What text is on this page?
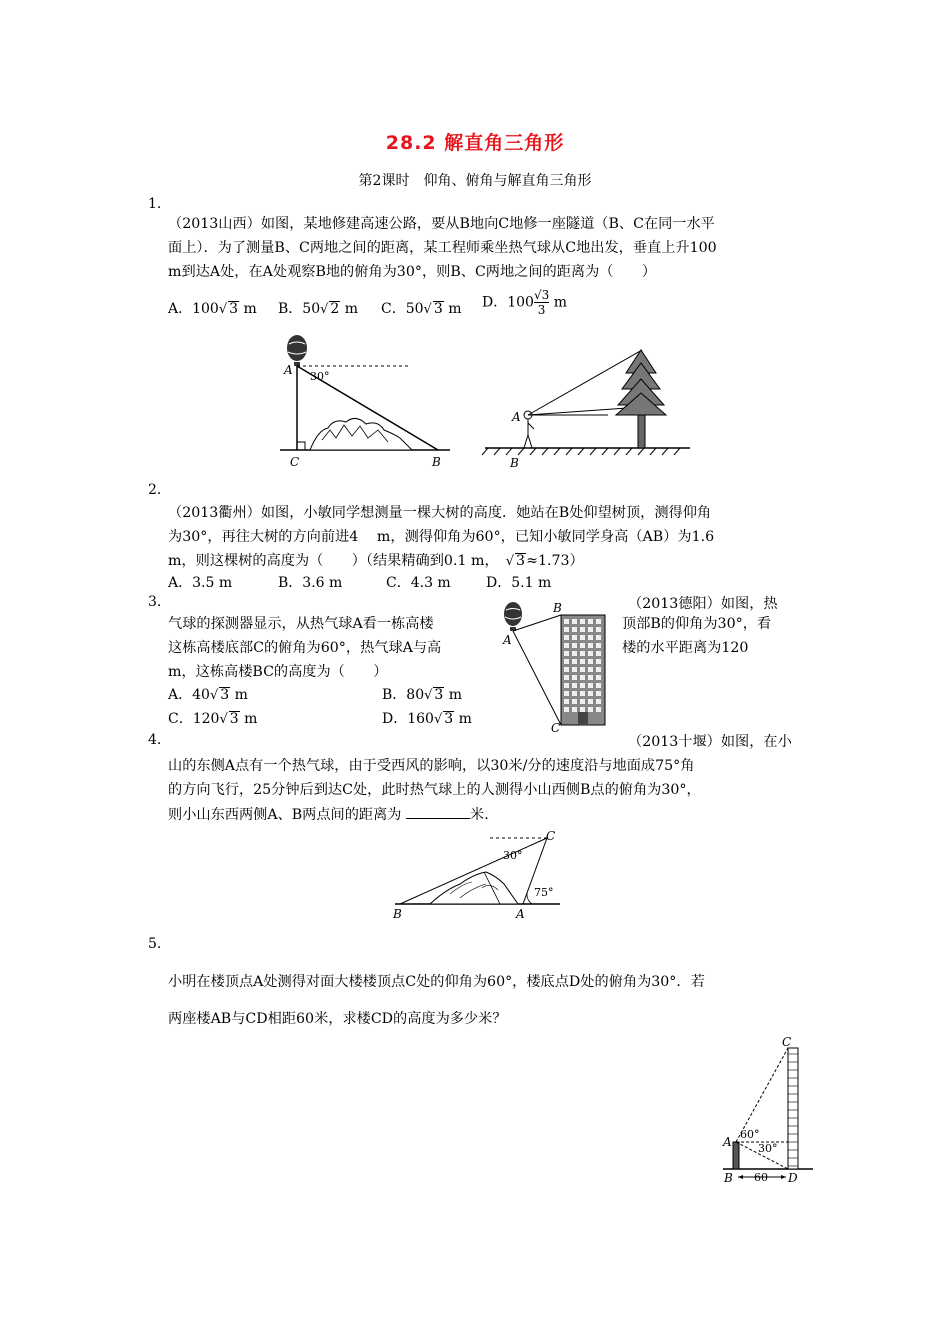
28.2 解直角三角形
第2课时　仰角、俯角与解直角三角形
1.
（2013山西）如图，某地修建高速公路，要从B地向C地修一座隧道（B、C在同一水平
面上）．为了测量B、C两地之间的距离，某工程师乘坐热气球从C地出发，垂直上升100
m到达A处，在A处观察B地的俯角为30°，则B、C两地之间的距离为（　　）
A．100√ 3 m B．50√ 2 m C．50√ 3 m D．$100 \frac{√3}{3}$ m
A 30°
C	B
A
B
2.
（2013衢州）如图，小敏同学想测量一棵大树的高度．她站在B处仰望树顶，测得仰角
为30°，再往大树的方向前进4　 m，测得仰角为60°，已知小敏同学身高（AB）为1.6
m，则这棵树的高度为（　　）（结果精确到0.1 m，　 √ 3≈1.73）
A．3.5 m	B．3.6 m	C．4.3 m	D．5.1 m
3.	（2013德阳）如图，热
气球的探测器显示，从热气球A看一栋高楼	顶部B的仰角为30°，看
这栋高楼底部C的俯角为60°，热气球A与高	楼的水平距离为120
m，这栋高楼BC的高度为（　　）
A．40√ 3 m	B．80√ 3 m
C．120√ 3 m	D．160√ 3 m
A
B
C
4.	（2013十堰）如图，在小
山的东侧A点有一个热气球，由于受西风的影响，以30米/分的速度沿与地面成75°角
的方向飞行，25分钟后到达C处，此时热气球上的人测得小山西侧B点的俯角为30°，
则小山东西两侧A、B两点间的距离为	米.
30°
75°
B	A
C
5.
小明在楼顶点A处测得对面大楼楼顶点C处的仰角为60°，楼底点D处的俯角为30°．若
两座楼AB与CD相距60米，求楼CD的高度为多少米？
60°
30°
60
A
B
C
D
